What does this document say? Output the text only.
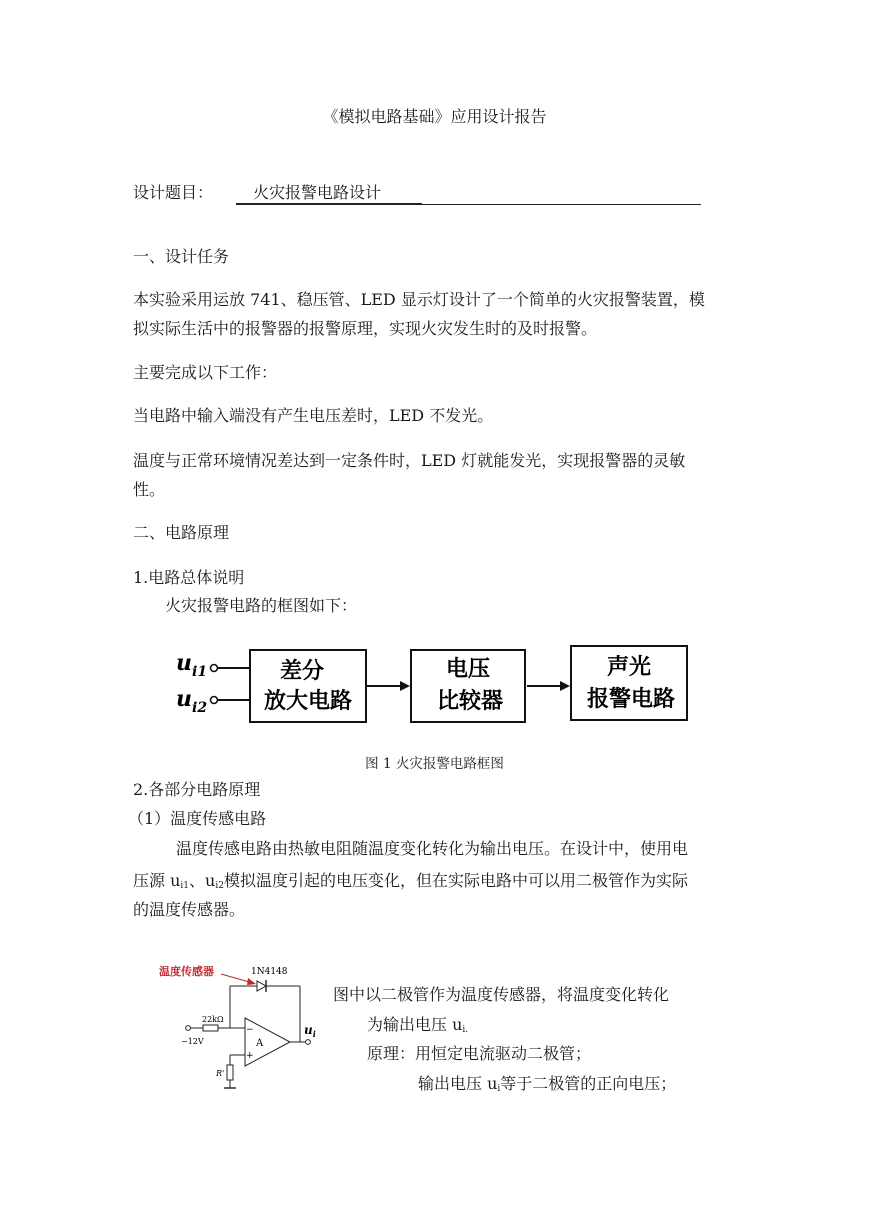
《模拟电路基础》应用设计报告
设计题目： 火灾报警电路设计
一、设计任务
本实验采用运放 741、稳压管、LED 显示灯设计了一个简单的火灾报警装置，模
拟实际生活中的报警器的报警原理，实现火灾发生时的及时报警。
主要完成以下工作：
当电路中输入端没有产生电压差时，LED 不发光。
温度与正常环境情况差达到一定条件时，LED 灯就能发光，实现报警器的灵敏
性。
二、电路原理
1.电路总体说明
火灾报警电路的框图如下：
$u_{i1}$
$u_{i2}$
差分
放大电路
电压
比较器
声光
报警电路
图 1 火灾报警电路框图
2.各部分电路原理
（1）温度传感电路
温度传感电路由热敏电阻随温度变化转化为输出电压。在设计中，使用电
压源 $u_{i1}$、$u_{i2}$模拟温度引起的电压变化，但在实际电路中可以用二极管作为实际
的温度传感器。
温度传感器	1N4148
−12V
22kΩ
A
−
+
$u_i$
R'
图中以二极管作为温度传感器，将温度变化转化
为输出电压 $u_{i.}$
原理：用恒定电流驱动二极管；
输出电压 $u_i$等于二极管的正向电压；
